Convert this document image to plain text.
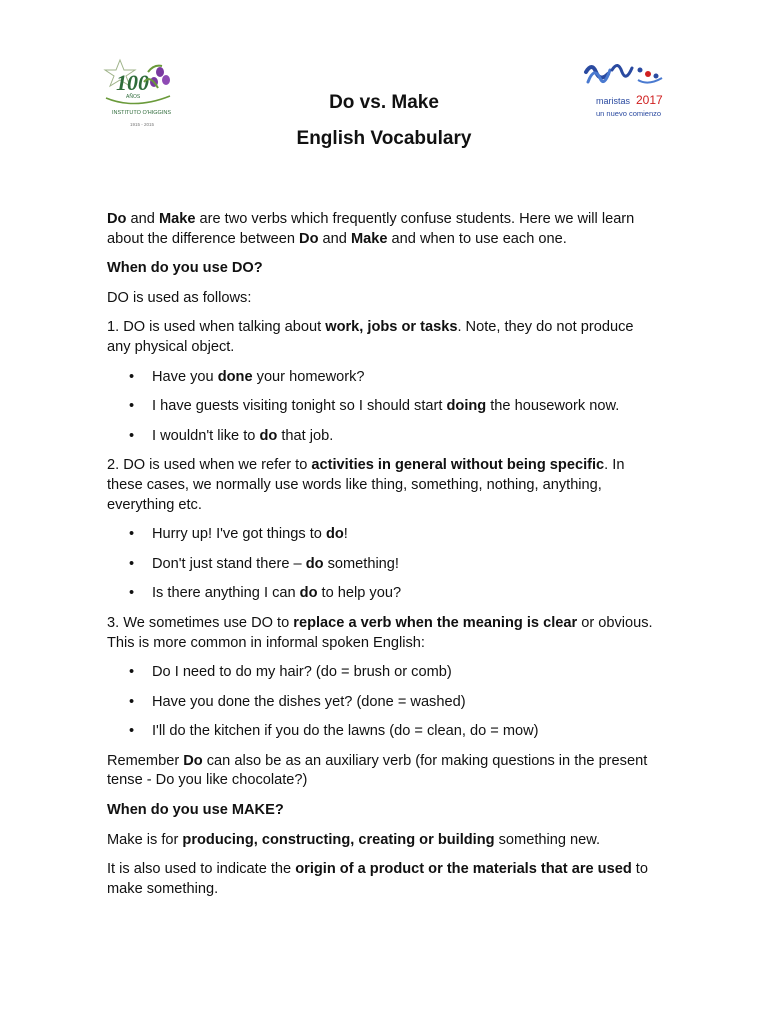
100
AÑOS
INSTITUTO O'HIGGINS
1915 - 2015
maristas 2017
un nuevo comienzo
Do vs. Make
English Vocabulary

Do and Make are two verbs which frequently confuse students. Here we will learn about the difference between Do and Make and when to use each one.

When do you use DO?

DO is used as follows:

1. DO is used when talking about work, jobs or tasks. Note, they do not produce any physical object.

• Have you done your homework?
• I have guests visiting tonight so I should start doing the housework now.
• I wouldn't like to do that job.

2. DO is used when we refer to activities in general without being specific. In these cases, we normally use words like thing, something, nothing, anything, everything etc.

• Hurry up! I've got things to do!
• Don't just stand there – do something!
• Is there anything I can do to help you?

3. We sometimes use DO to replace a verb when the meaning is clear or obvious. This is more common in informal spoken English:

• Do I need to do my hair? (do = brush or comb)
• Have you done the dishes yet? (done = washed)
• I'll do the kitchen if you do the lawns (do = clean, do = mow)

Remember Do can also be as an auxiliary verb (for making questions in the present tense - Do you like chocolate?)

When do you use MAKE?

Make is for producing, constructing, creating or building something new.

It is also used to indicate the origin of a product or the materials that are used to make something.
